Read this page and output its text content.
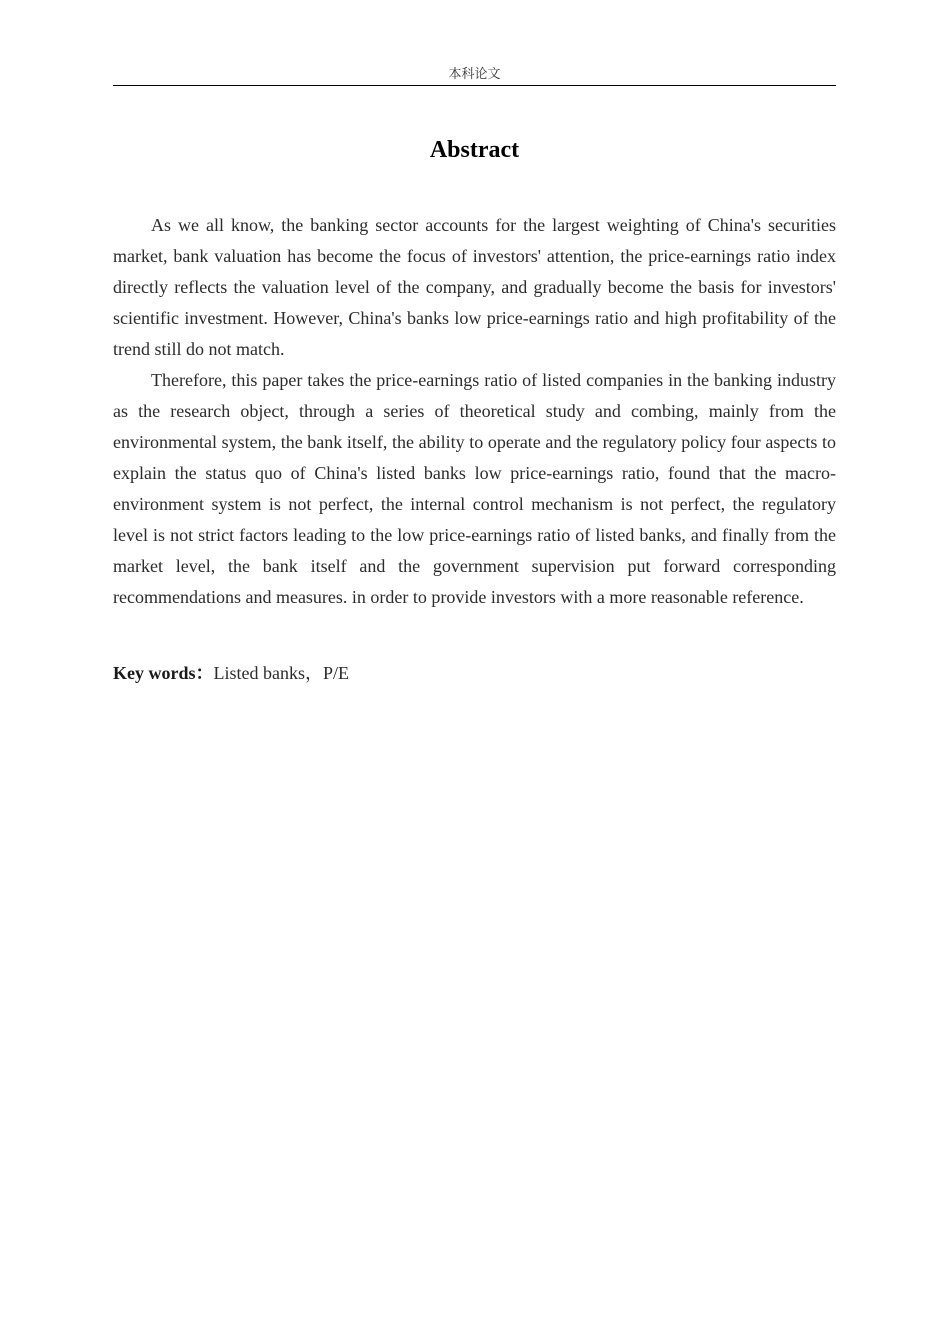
本科论文
Abstract

As we all know, the banking sector accounts for the largest weighting of China's securities market, bank valuation has become the focus of investors' attention, the price-earnings ratio index directly reflects the valuation level of the company, and gradually become the basis for investors' scientific investment. However, China's banks low price-earnings ratio and high profitability of the trend still do not match.

Therefore, this paper takes the price-earnings ratio of listed companies in the banking industry as the research object, through a series of theoretical study and combing, mainly from the environmental system, the bank itself, the ability to operate and the regulatory policy four aspects to explain the status quo of China's listed banks low price-earnings ratio, found that the macro-environment system is not perfect, the internal control mechanism is not perfect, the regulatory level is not strict factors leading to the low price-earnings ratio of listed banks, and finally from the market level, the bank itself and the government supervision put forward corresponding recommendations and measures. in order to provide investors with a more reasonable reference.

Key words：Listed banks，P/E
